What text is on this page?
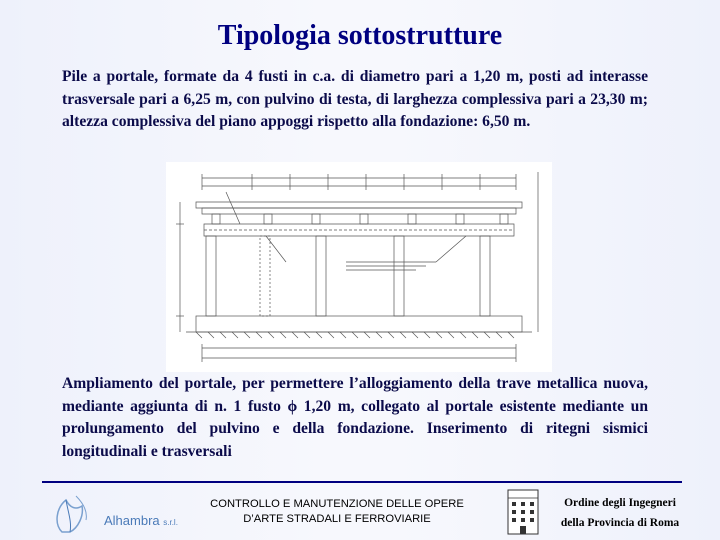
Tipologia sottostrutture
Pile a portale, formate da 4 fusti in c.a. di diametro pari a 1,20 m, posti ad interasse trasversale pari a 6,25 m, con pulvino di testa, di larghezza complessiva pari a 23,30 m; altezza complessiva del piano appoggi rispetto alla fondazione: 6,50 m.
Ampliamento del portale, per permettere l’alloggiamento della trave metallica nuova, mediante aggiunta di n. 1 fusto ϕ 1,20 m, collegato al portale esistente mediante un prolungamento del pulvino e della fondazione. Inserimento di ritegni sismici longitudinali e trasversali
Alhambra s.r.l.
CONTROLLO E MANUTENZIONE DELLE OPERE
D’ARTE STRADALI E FERROVIARIE
Ordine degli Ingegneri
della Provincia di Roma
